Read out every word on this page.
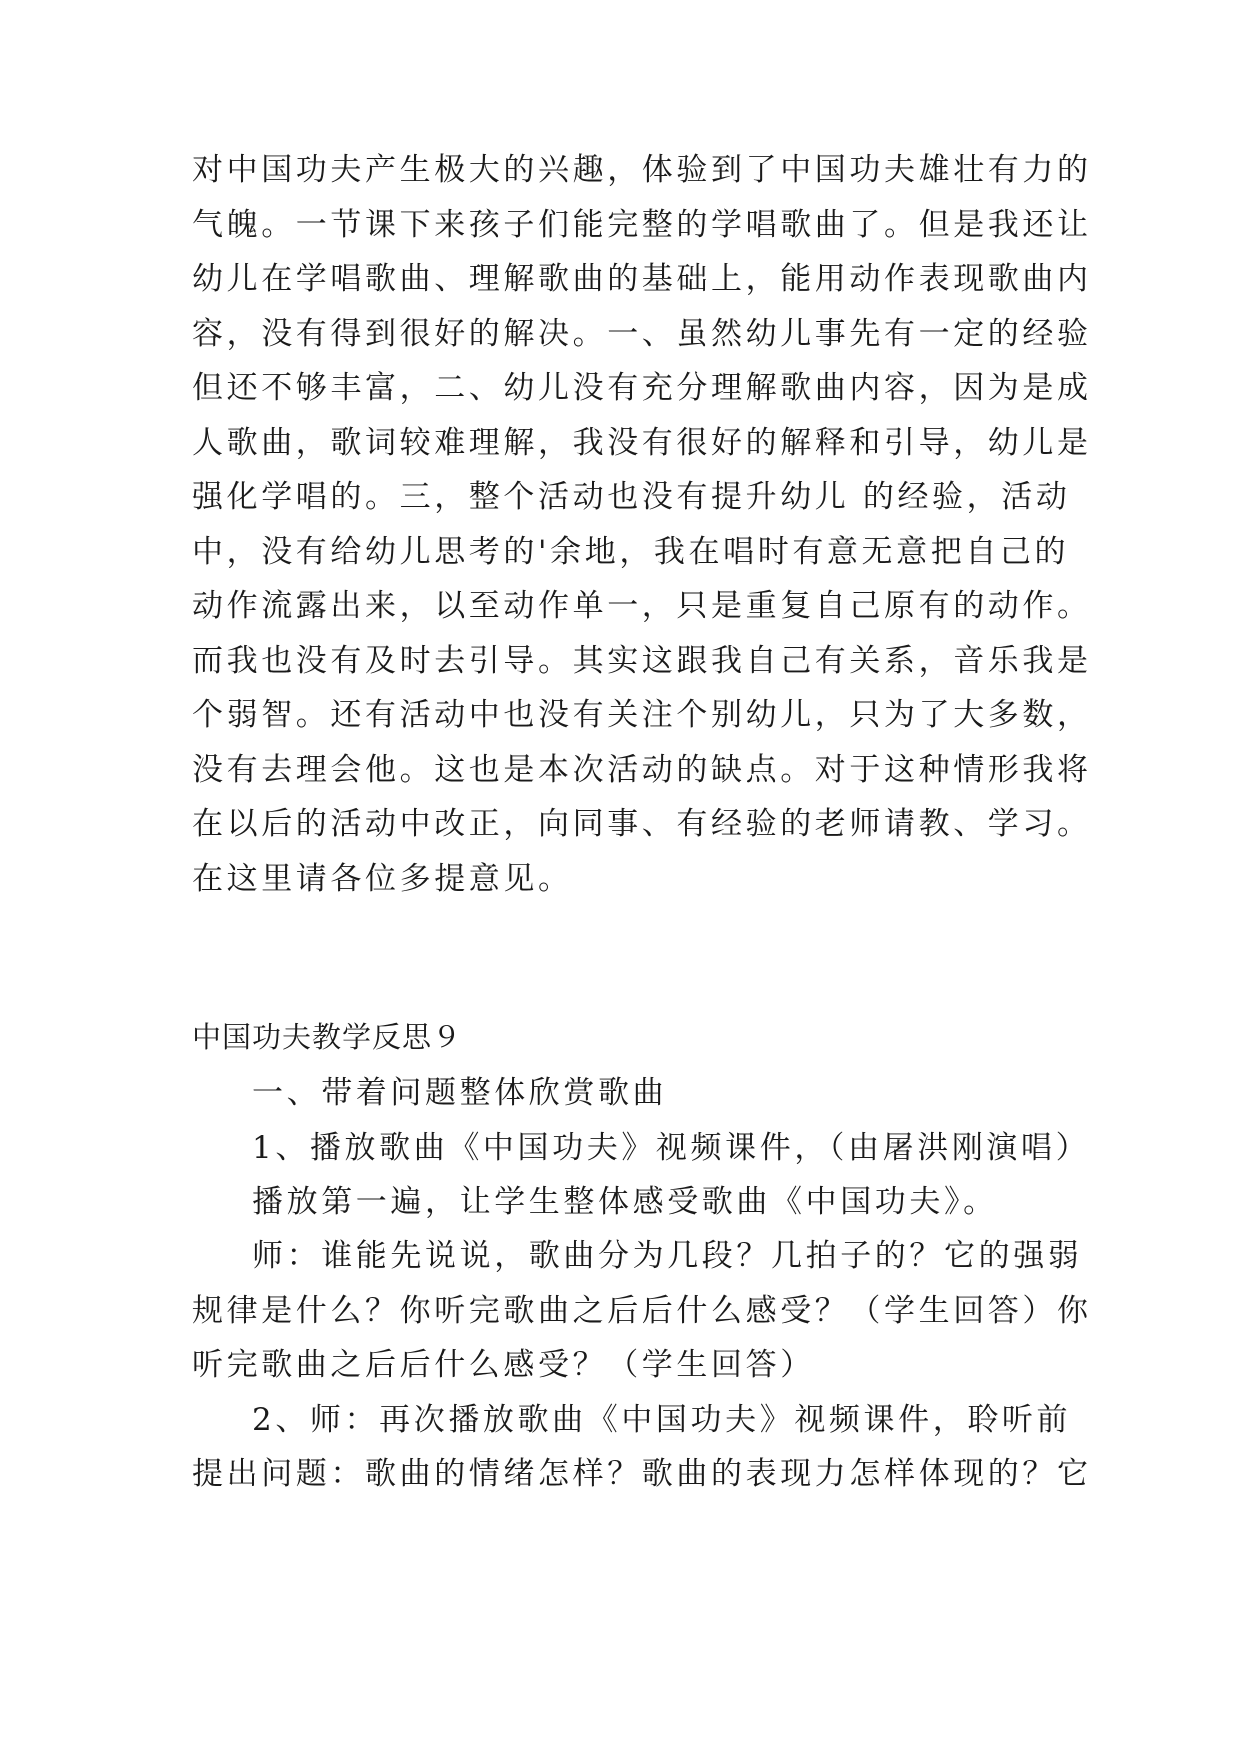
对中国功夫产生极大的兴趣，体验到了中国功夫雄壮有力的
气魄。一节课下来孩子们能完整的学唱歌曲了。但是我还让
幼儿在学唱歌曲、理解歌曲的基础上，能用动作表现歌曲内
容，没有得到很好的解决。一、虽然幼儿事先有一定的经验
但还不够丰富，二、幼儿没有充分理解歌曲内容，因为是成
人歌曲，歌词较难理解，我没有很好的解释和引导，幼儿是
强化学唱的。三，整个活动也没有提升幼儿 的经验，活动
中，没有给幼儿思考的'余地，我在唱时有意无意把自己的
动作流露出来，以至动作单一，只是重复自己原有的动作。
而我也没有及时去引导。其实这跟我自己有关系，音乐我是
个弱智。还有活动中也没有关注个别幼儿，只为了大多数，
没有去理会他。这也是本次活动的缺点。对于这种情形我将
在以后的活动中改正，向同事、有经验的老师请教、学习。
在这里请各位多提意见。
中国功夫教学反思９
一、带着问题整体欣赏歌曲
1、播放歌曲《中国功夫》视频课件，（由屠洪刚演唱）
播放第一遍，让学生整体感受歌曲《中国功夫》。
师：谁能先说说，歌曲分为几段？几拍子的？它的强弱
规律是什么？你听完歌曲之后后什么感受？（学生回答）你
听完歌曲之后后什么感受？（学生回答）
2、师：再次播放歌曲《中国功夫》视频课件，聆听前
提出问题：歌曲的情绪怎样？歌曲的表现力怎样体现的？它
